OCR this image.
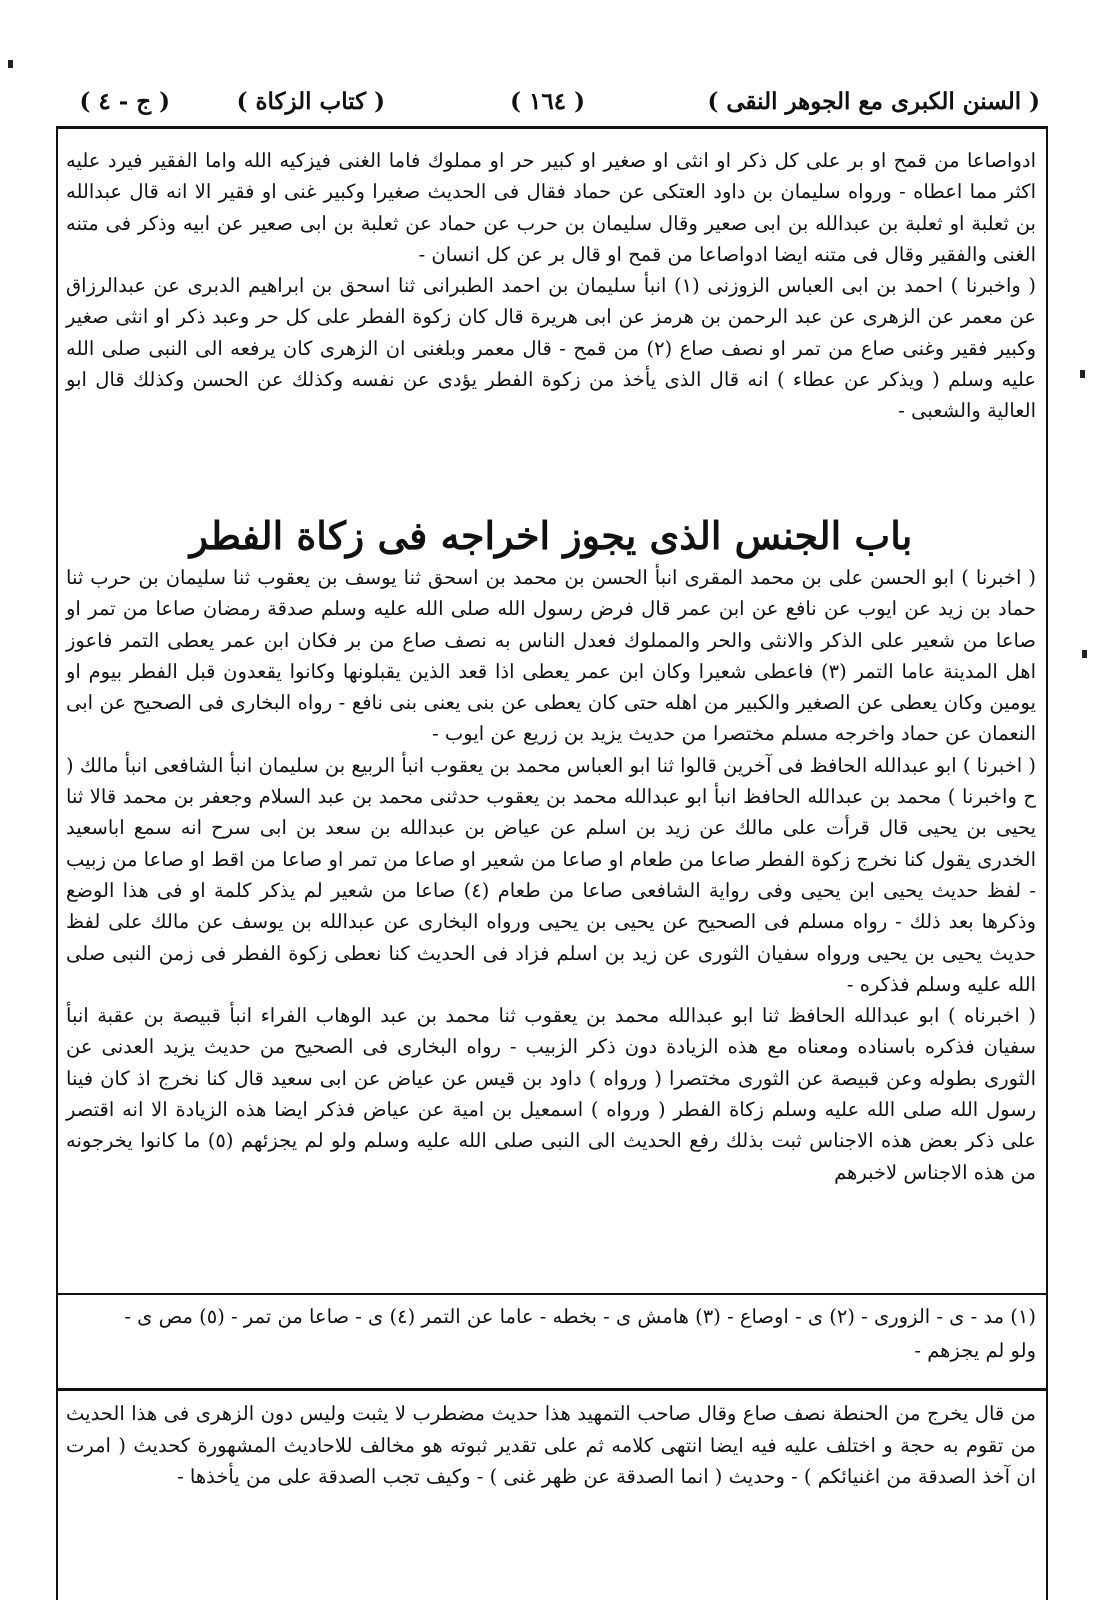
( السنن الكبرى مع الجوهر النقى )
( ١٦٤ )
( كتاب الزكاة )
( ج - ٤ )

ادواصاعا من قمح او بر على كل ذكر او انثى او صغير او كبير حر او مملوك فاما الغنى فيزكيه الله واما الفقير فيرد عليه اكثر مما اعطاه - ورواه سليمان بن داود العتكى عن حماد فقال فى الحديث صغيرا وكبير غنى او فقير الا انه قال عبدالله بن ثعلبة او ثعلبة بن عبدالله بن ابى صعير وقال سليمان بن حرب عن حماد عن ثعلبة بن ابى صعير عن ابيه وذكر فى متنه الغنى والفقير وقال فى متنه ايضا ادواصاعا من قمح او قال بر عن كل انسان -

( واخبرنا ) احمد بن ابى العباس الزوزنى (١) انبأ سليمان بن احمد الطبرانى ثنا اسحق بن ابراهيم الدبرى عن عبدالرزاق عن معمر عن الزهرى عن عبد الرحمن بن هرمز عن ابى هريرة قال كان زكوة الفطر على كل حر وعبد ذكر او انثى صغير وكبير فقير وغنى صاع من تمر او نصف صاع (٢) من قمح - قال معمر وبلغنى ان الزهرى كان يرفعه الى النبى صلى الله عليه وسلم ( ويذكر عن عطاء ) انه قال الذى يأخذ من زكوة الفطر يؤدى عن نفسه وكذلك عن الحسن وكذلك قال ابو العالية والشعبى -

باب الجنس الذى يجوز اخراجه فى زكاة الفطر

( اخبرنا ) ابو الحسن على بن محمد المقرى انبأ الحسن بن محمد بن اسحق ثنا يوسف بن يعقوب ثنا سليمان بن حرب ثنا حماد بن زيد عن ايوب عن نافع عن ابن عمر قال فرض رسول الله صلى الله عليه وسلم صدقة رمضان صاعا من تمر او صاعا من شعير على الذكر والانثى والحر والمملوك فعدل الناس به نصف صاع من بر فكان ابن عمر يعطى التمر فاعوز اهل المدينة عاما التمر (٣) فاعطى شعيرا وكان ابن عمر يعطى اذا قعد الذين يقبلونها وكانوا يقعدون قبل الفطر بيوم او يومين وكان يعطى عن الصغير والكبير من اهله حتى كان يعطى عن بنى يعنى بنى نافع - رواه البخارى فى الصحيح عن ابى النعمان عن حماد واخرجه مسلم مختصرا من حديث يزيد بن زريع عن ايوب -

( اخبرنا ) ابو عبدالله الحافظ فى آخرين قالوا ثنا ابو العباس محمد بن يعقوب انبأ الربيع بن سليمان انبأ الشافعى انبأ مالك ( ح واخبرنا ) محمد بن عبدالله الحافظ انبأ ابو عبدالله محمد بن يعقوب حدثنى محمد بن عبد السلام وجعفر بن محمد قالا ثنا يحيى بن يحيى قال قرأت على مالك عن زيد بن اسلم عن عياض بن عبدالله بن سعد بن ابى سرح انه سمع اباسعيد الخدرى يقول كنا نخرج زكوة الفطر صاعا من طعام او صاعا من شعير او صاعا من تمر او صاعا من اقط او صاعا من زبيب - لفظ حديث يحيى ابن يحيى وفى رواية الشافعى صاعا من طعام (٤) صاعا من شعير لم يذكر كلمة او فى هذا الوضع وذكرها بعد ذلك - رواه مسلم فى الصحيح عن يحيى بن يحيى ورواه البخارى عن عبدالله بن يوسف عن مالك على لفظ حديث يحيى بن يحيى ورواه سفيان الثورى عن زيد بن اسلم فزاد فى الحديث كنا نعطى زكوة الفطر فى زمن النبى صلى الله عليه وسلم فذكره -

( اخبرناه ) ابو عبدالله الحافظ ثنا ابو عبدالله محمد بن يعقوب ثنا محمد بن عبد الوهاب الفراء انبأ قبيصة بن عقبة انبأ سفيان فذكره باسناده ومعناه مع هذه الزيادة دون ذكر الزبيب - رواه البخارى فى الصحيح من حديث يزيد العدنى عن الثورى بطوله وعن قبيصة عن الثورى مختصرا ( ورواه ) داود بن قيس عن عياض عن ابى سعيد قال كنا نخرج اذ كان فينا رسول الله صلى الله عليه وسلم زكاة الفطر ( ورواه ) اسمعيل بن امية عن عياض فذكر ايضا هذه الزيادة الا انه اقتصر على ذكر بعض هذه الاجناس ثبت بذلك رفع الحديث الى النبى صلى الله عليه وسلم ولو لم يجزئهم (٥) ما كانوا يخرجونه من هذه الاجناس لاخبرهم

(١) مد - ى - الزورى - (٢) ى - اوصاع - (٣) هامش ى - بخطه - عاما عن التمر (٤) ى - صاعا من تمر - (٥) مص ى -
ولو لم يجزهم -
من قال يخرج من الحنطة نصف صاع وقال صاحب التمهيد هذا حديث مضطرب لا يثبت وليس دون الزهرى فى هذا الحديث من تقوم به حجة و اختلف عليه فيه ايضا انتهى كلامه ثم على تقدير ثبوته هو مخالف للاحاديث المشهورة كحديث ( امرت ان آخذ الصدقة من اغنيائكم ) - وحديث ( انما الصدقة عن ظهر غنى ) - وكيف تجب الصدقة على من يأخذها -
